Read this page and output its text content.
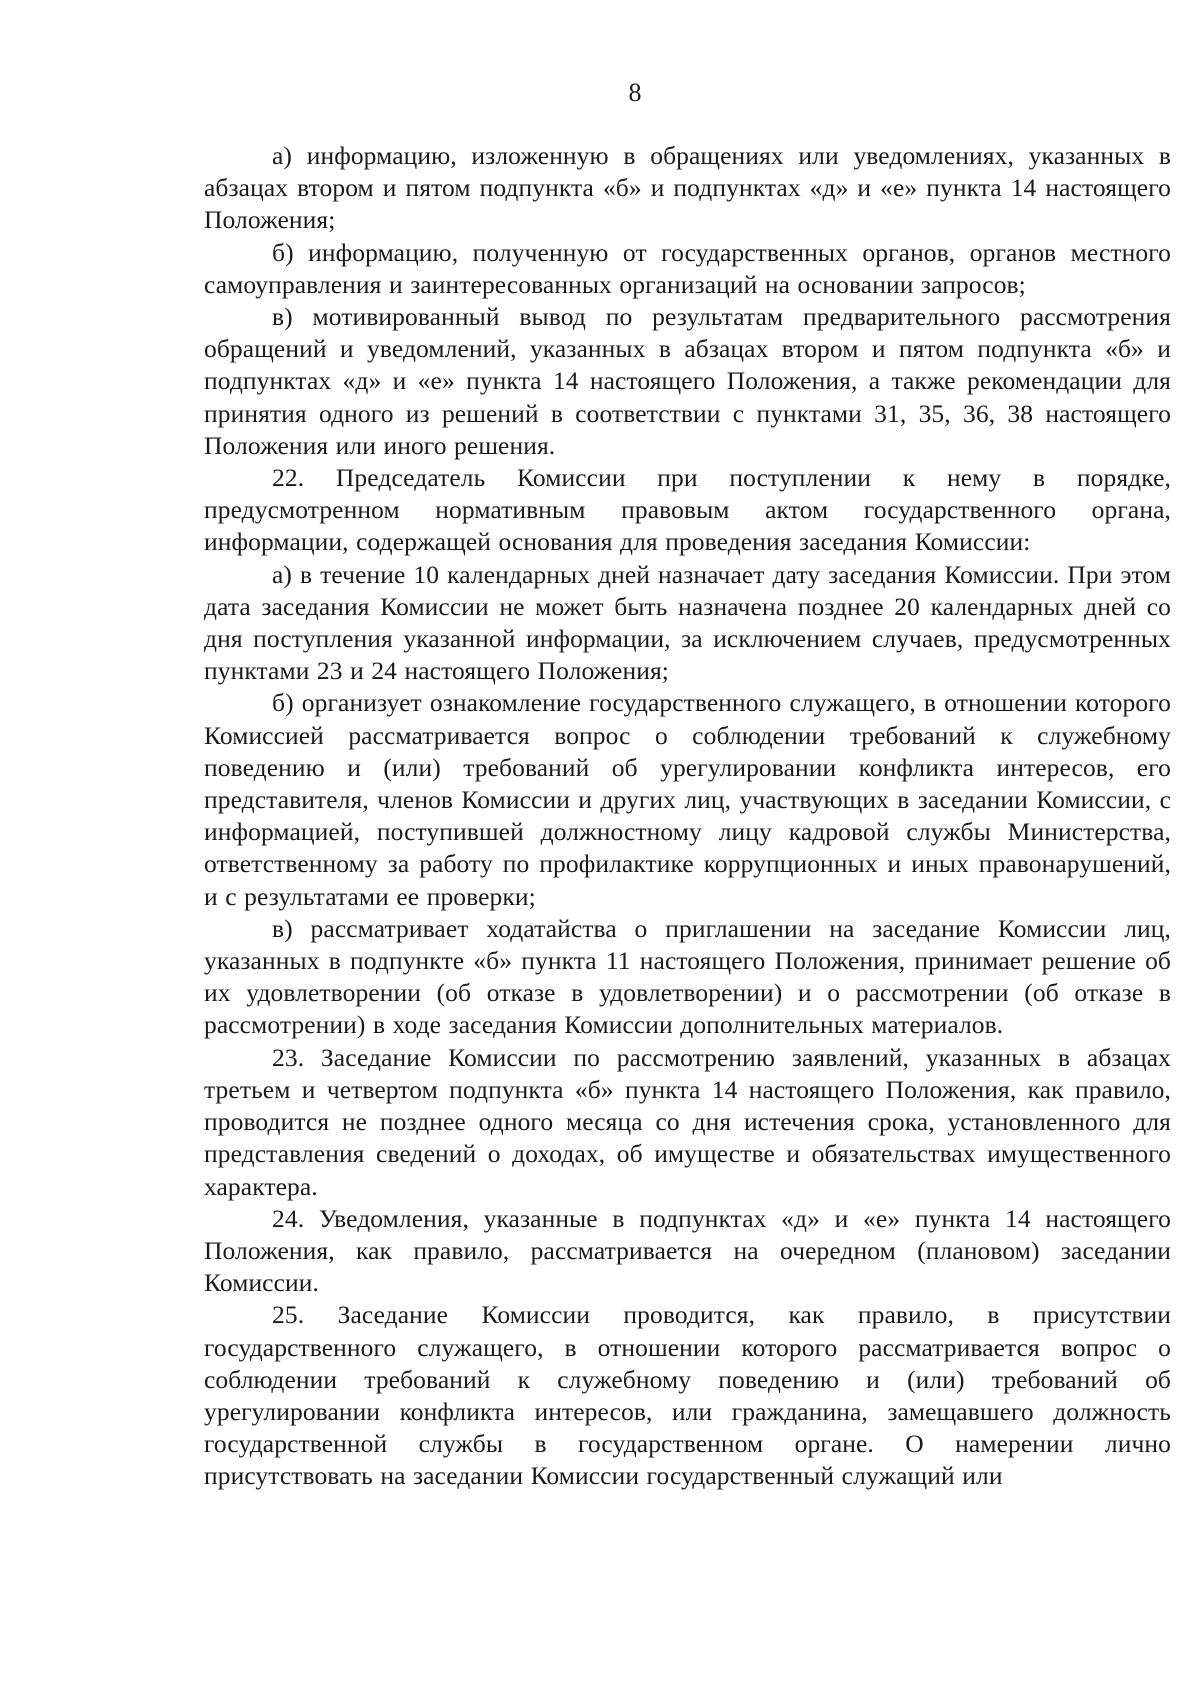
8

а) информацию, изложенную в обращениях или уведомлениях, указанных в абзацах втором и пятом подпункта «б» и подпунктах «д» и «е» пункта 14 настоящего Положения;

б) информацию, полученную от государственных органов, органов местного самоуправления и заинтересованных организаций на основании запросов;

в) мотивированный вывод по результатам предварительного рассмотрения обращений и уведомлений, указанных в абзацах втором и пятом подпункта «б» и подпунктах «д» и «е» пункта 14 настоящего Положения, а также рекомендации для принятия одного из решений в соответствии с пунктами 31, 35, 36, 38 настоящего Положения или иного решения.

22. Председатель Комиссии при поступлении к нему в порядке, предусмотренном нормативным правовым актом государственного органа, информации, содержащей основания для проведения заседания Комиссии:

а) в течение 10 календарных дней назначает дату заседания Комиссии. При этом дата заседания Комиссии не может быть назначена позднее 20 календарных дней со дня поступления указанной информации, за исключением случаев, предусмотренных пунктами 23 и 24 настоящего Положения;

б) организует ознакомление государственного служащего, в отношении которого Комиссией рассматривается вопрос о соблюдении требований к служебному поведению и (или) требований об урегулировании конфликта интересов, его представителя, членов Комиссии и других лиц, участвующих в заседании Комиссии, с информацией, поступившей должностному лицу кадровой службы Министерства, ответственному за работу по профилактике коррупционных и иных правонарушений, и с результатами ее проверки;

в) рассматривает ходатайства о приглашении на заседание Комиссии лиц, указанных в подпункте «б» пункта 11 настоящего Положения, принимает решение об их удовлетворении (об отказе в удовлетворении) и о рассмотрении (об отказе в рассмотрении) в ходе заседания Комиссии дополнительных материалов.

23. Заседание Комиссии по рассмотрению заявлений, указанных в абзацах третьем и четвертом подпункта «б» пункта 14 настоящего Положения, как правило, проводится не позднее одного месяца со дня истечения срока, установленного для представления сведений о доходах, об имуществе и обязательствах имущественного характера.

24. Уведомления, указанные в подпунктах «д» и «е» пункта 14 настоящего Положения, как правило, рассматривается на очередном (плановом) заседании Комиссии.

25. Заседание Комиссии проводится, как правило, в присутствии государственного служащего, в отношении которого рассматривается вопрос о соблюдении требований к служебному поведению и (или) требований об урегулировании конфликта интересов, или гражданина, замещавшего должность государственной службы в государственном органе. О намерении лично присутствовать на заседании Комиссии государственный служащий или
